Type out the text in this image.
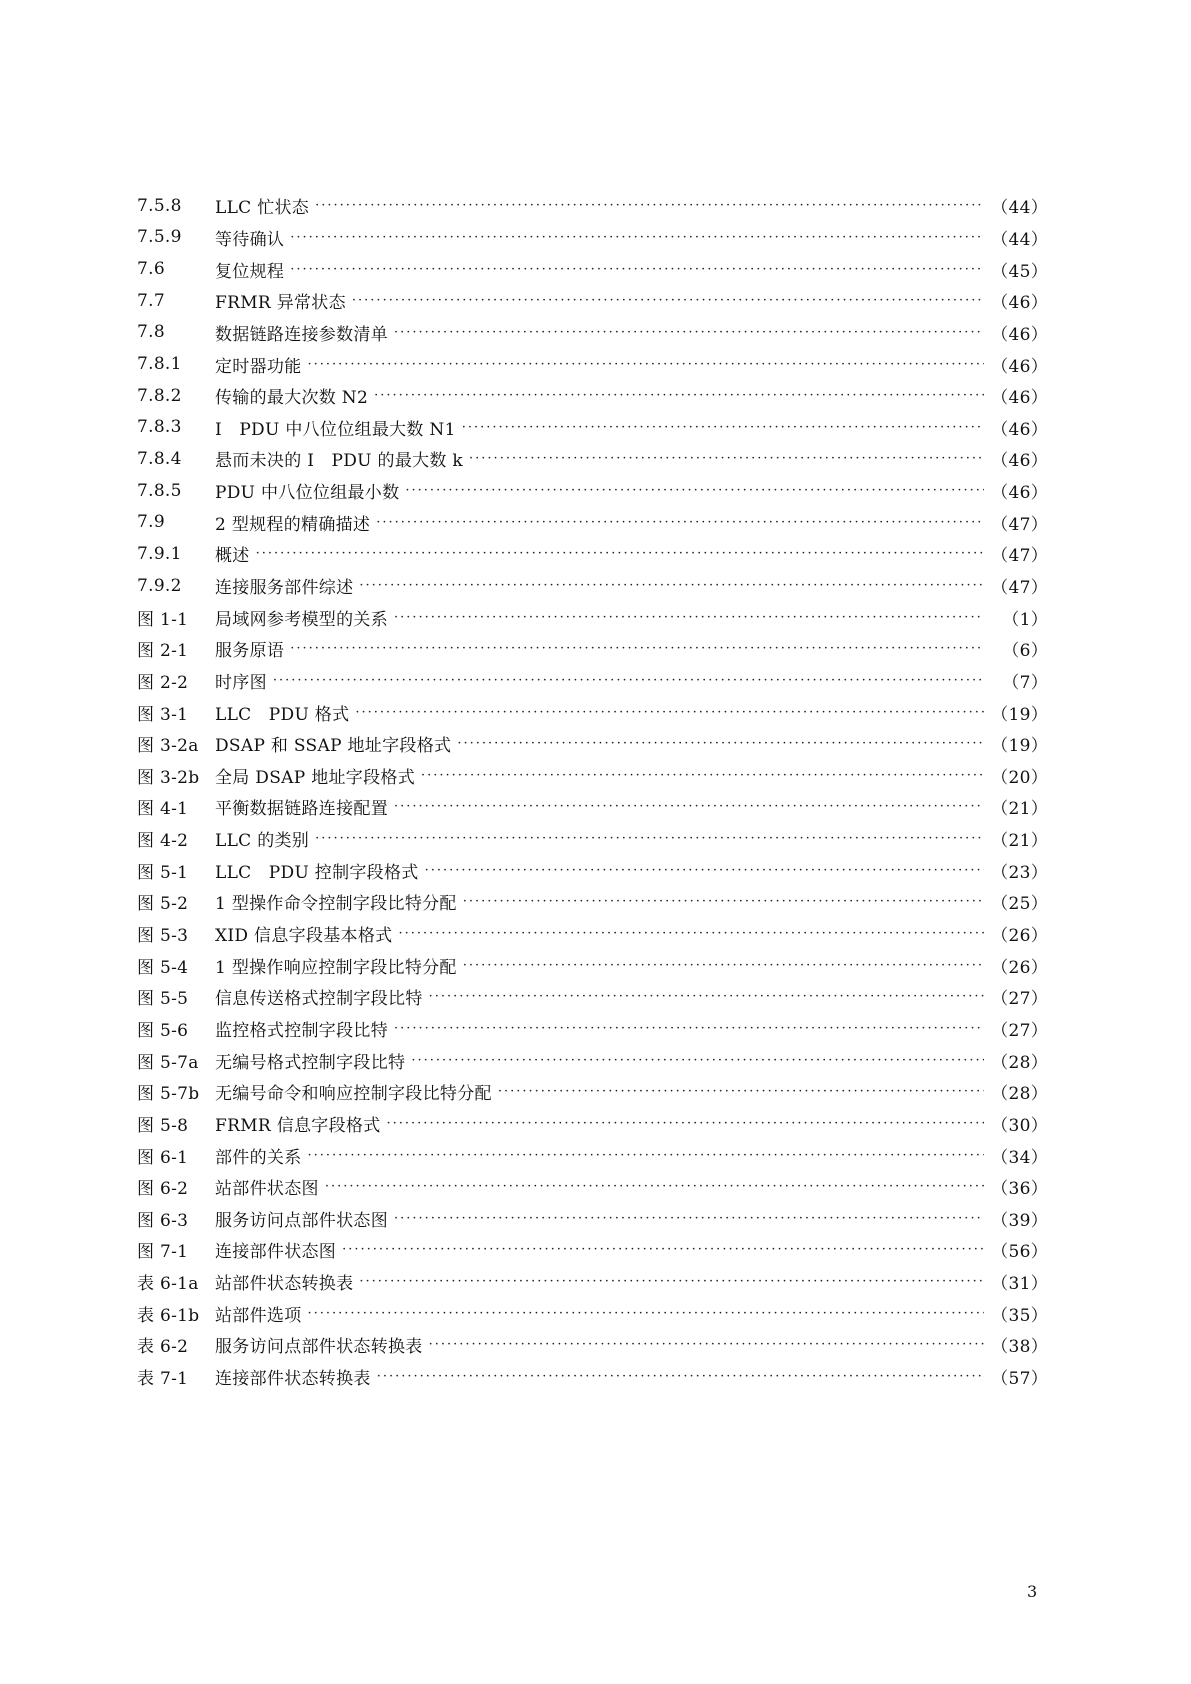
7.5.8	LLC 忙状态 ·····	（44）
7.5.9	等待确认 ·····	（44）
7.6	复位规程 ·····	（45）
7.7	FRMR 异常状态 ·····	（46）
7.8	数据链路连接参数清单 ·····	（46）
7.8.1	定时器功能 ·····	（46）
7.8.2	传输的最大次数 N2 ·····	（46）
7.8.3	I　PDU 中八位位组最大数 N1 ·····	（46）
7.8.4	悬而未决的 I　PDU 的最大数 k ·····	（46）
7.8.5	PDU 中八位位组最小数 ·····	（46）
7.9	2 型规程的精确描述 ·····	（47）
7.9.1	概述 ·····	（47）
7.9.2	连接服务部件综述 ·····	（47）
图 1-1	局域网参考模型的关系 ·····	（1）
图 2-1	服务原语 ·····	（6）
图 2-2	时序图 ·····	（7）
图 3-1	LLC　PDU 格式 ·····	（19）
图 3-2a DSAP 和 SSAP 地址字段格式 ·····	（19）
图 3-2b 全局 DSAP 地址字段格式 ·····	（20）
图 4-1	平衡数据链路连接配置 ·····	（21）
图 4-2	LLC 的类别 ·····	（21）
图 5-1	LLC　PDU 控制字段格式 ·····	（23）
图 5-2	1 型操作命令控制字段比特分配 ·····	（25）
图 5-3	XID 信息字段基本格式 ·····	（26）
图 5-4	1 型操作响应控制字段比特分配 ·····	（26）
图 5-5	信息传送格式控制字段比特 ·····	（27）
图 5-6	监控格式控制字段比特 ·····	（27）
图 5-7a 无编号格式控制字段比特 ·····	（28）
图 5-7b 无编号命令和响应控制字段比特分配 ·····	（28）
图 5-8	FRMR 信息字段格式 ·····	（30）
图 6-1	部件的关系 ·····	（34）
图 6-2	站部件状态图 ·····	（36）
图 6-3	服务访问点部件状态图 ·····	（39）
图 7-1	连接部件状态图 ·····	（56）
表 6-1a 站部件状态转换表 ·····	（31）
表 6-1b 站部件选项 ·····	（35）
表 6-2	服务访问点部件状态转换表 ·····	（38）
表 7-1	连接部件状态转换表 ·····	（57）
3
